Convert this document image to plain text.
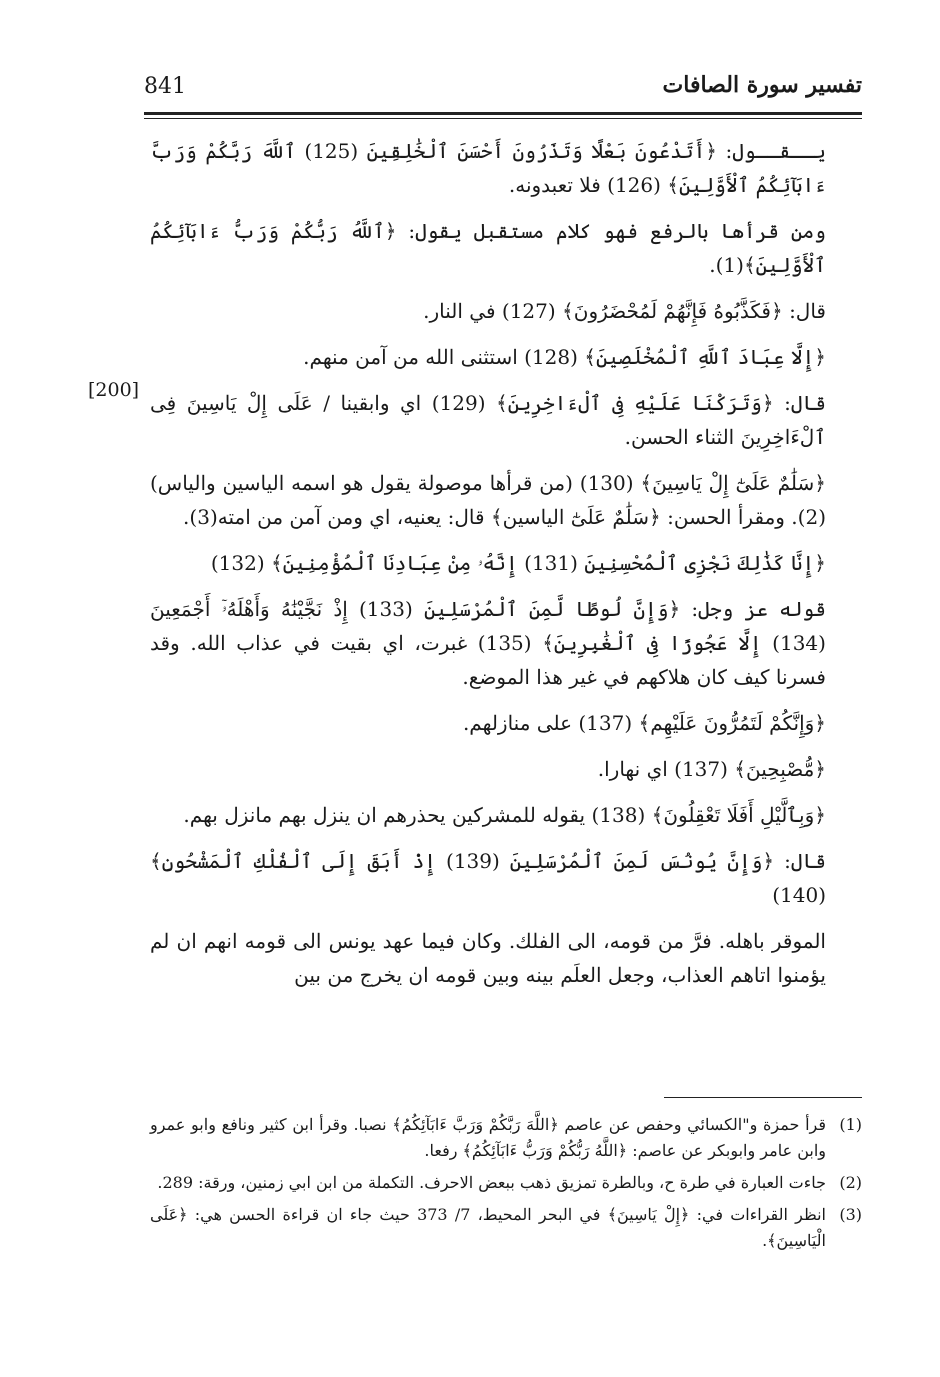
841	تفسير سورة الصافات
[200]

يــقــول: ﴿أَتَدْعُونَ بَعْلًا وَتَذَرُونَ أَحْسَنَ ٱلْخَٰلِقِينَ (125) ٱللَّهَ رَبَّكُمْ وَرَبَّ ءَابَآئِكُمُ ٱلْأَوَّلِينَ﴾ (126) فلا تعبدونه.

ومن قرأها بالرفع فهو كلام مستقبل يقول: ﴿ٱللَّهُ رَبُّكُمْ وَرَبُّ ءَابَآئِكُمُ ٱلْأَوَّلِينَ﴾(1).

قال: ﴿فَكَذَّبُوهُ فَإِنَّهُمْ لَمُحْضَرُونَ﴾ (127) في النار.

﴿إِلَّا عِبَادَ ٱللَّهِ ٱلْمُخْلَصِينَ﴾ (128) استثنى الله من آمن منهم.

قال: ﴿وَتَرَكْنَا عَلَيْهِ فِى ٱلْءَاخِرِينَ﴾ (129) اي وابقينا / عَلَى إِلْ يَاسِينَ فِى ٱلْءَاخِرِينَ الثناء الحسن.

﴿سَلَٰمٌ عَلَىٰٓ إِلْ يَاسِينَ﴾ (130) (من قرأها موصولة يقول هو اسمه الياسين والياس)(2). ومقرأ الحسن: ﴿سَلَٰمٌ عَلَىٰٓ الياسين﴾ قال: يعنيه، اي ومن آمن من امته(3).

﴿إِنَّا كَذَٰلِكَ نَجْزِى ٱلْمُحْسِنِينَ (131) إِنَّهُۥ مِنْ عِبَادِنَا ٱلْمُؤْمِنِينَ﴾ (132)

قوله عز وجل: ﴿وَإِنَّ لُوطًا لَّمِنَ ٱلْمُرْسَلِينَ (133) إِذْ نَجَّيْنَٰهُ وَأَهْلَهُۥٓ أَجْمَعِينَ (134) إِلَّا عَجُوزًا فِى ٱلْغَٰبِرِينَ﴾ (135) غبرت، اي بقيت في عذاب الله. وقد فسرنا كيف كان هلاكهم في غير هذا الموضع.

﴿وَإِنَّكُمْ لَتَمُرُّونَ عَلَيْهِم﴾ (137) على منازلهم.

﴿مُّصْبِحِينَ﴾ (137) اي نهارا.

﴿وَبِٱلَّيْلِ أَفَلَا تَعْقِلُونَ﴾ (138) يقوله للمشركين يحذرهم ان ينزل بهم مانزل بهم.

قال: ﴿وَإِنَّ يُونُسَ لَمِنَ ٱلْمُرْسَلِينَ (139) إِذْ أَبَقَ إِلَى ٱلْفُلْكِ ٱلْمَشْحُونِ﴾ (140)

الموقر باهله. فرَّ من قومه، الى الفلك. وكان فيما عهد يونس الى قومه انهم ان لم يؤمنوا اتاهم العذاب، وجعل العلَم بينه وبين قومه ان يخرج من بين

(1)
قرأ حمزة و"الكسائي وحفص عن عاصم ﴿اللَّهَ رَبَّكُمْ وَرَبَّ ءَابَآئِكُمُ﴾ نصبا. وقرأ ابن كثير ونافع وابو عمرو وابن عامر وابوبكر عن عاصم: ﴿اللَّهُ رَبُّكُمْ وَرَبُّ ءَابَآئِكُمُ﴾ رفعا.
(2)
جاءت العبارة في طرة ح، وبالطرة تمزيق ذهب ببعض الاحرف. التكملة من ابن ابي زمنين، ورقة: 289.
(3)
انظر القراءات في: ﴿إِلْ يَاسِينَ﴾ في البحر المحيط، 7/ 373 حيث جاء ان قراءة الحسن هي: ﴿عَلَى الْيَاسِينَ﴾.
